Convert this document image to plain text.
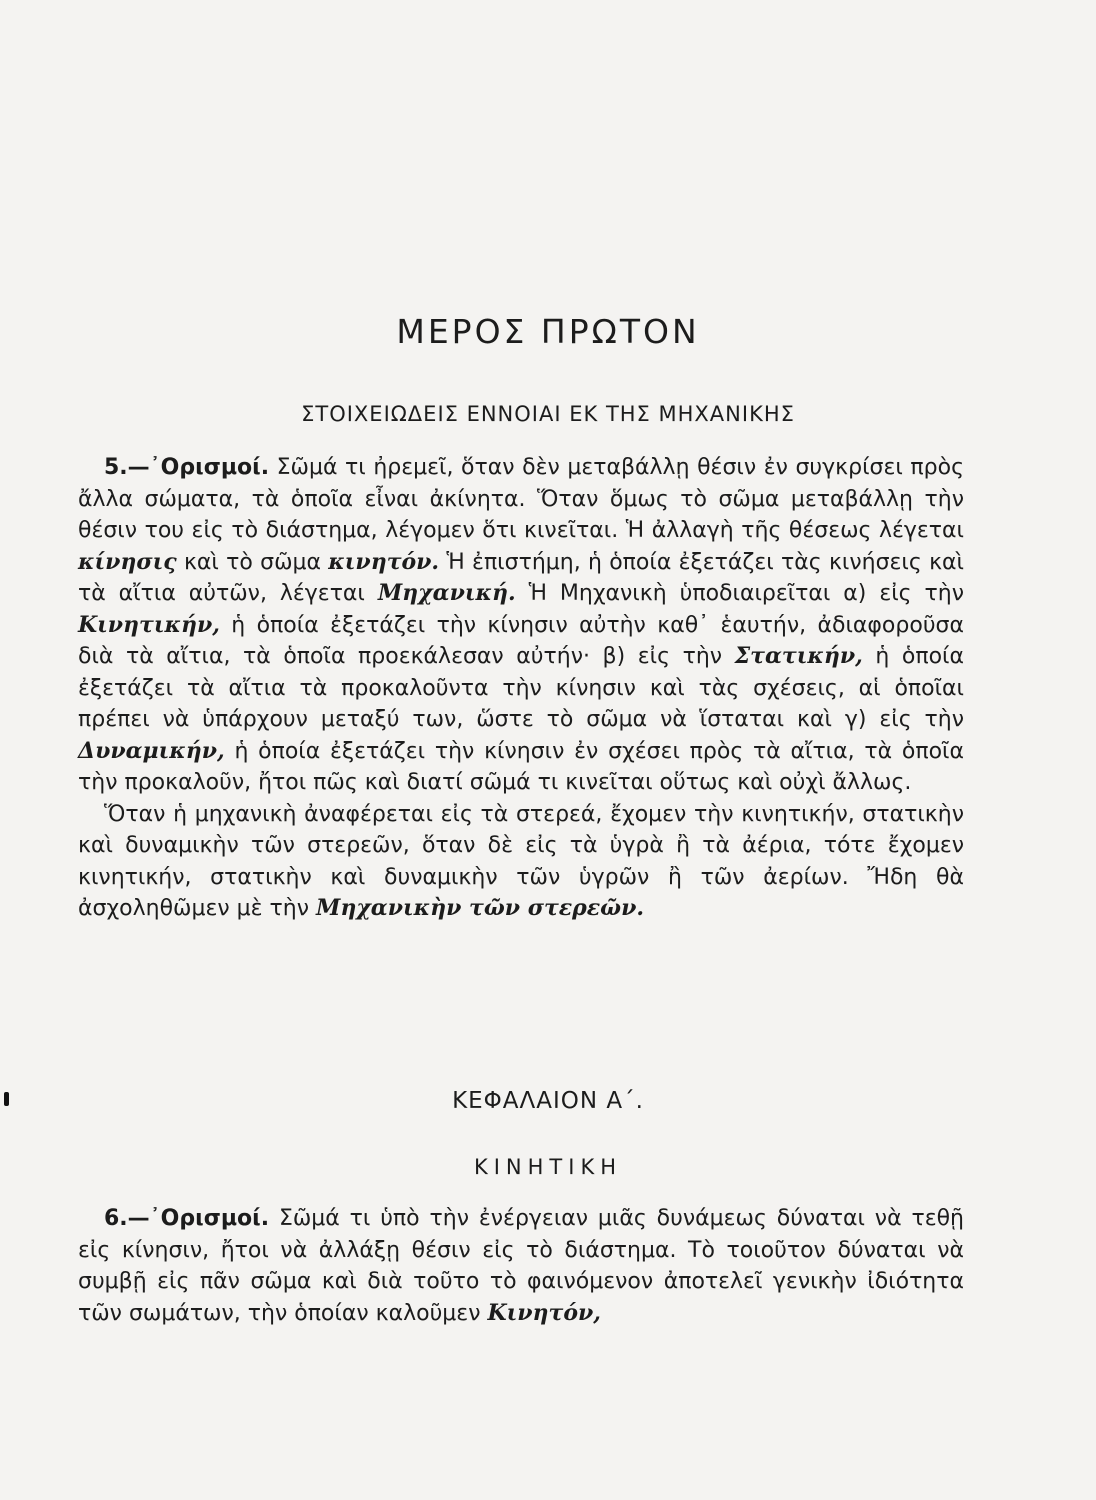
ΜΕΡΟΣ ΠΡΩΤΟΝ
ΣΤΟΙΧΕΙΩΔΕΙΣ ΕΝΝΟΙΑΙ ΕΚ ΤΗΣ ΜΗΧΑΝΙΚΗΣ

5.—᾿Ορισμοί. Σῶμά τι ἠρεμεῖ, ὅταν δὲν μεταβάλλῃ θέσιν ἐν συγκρίσει πρὸς ἄλλα σώματα, τὰ ὁποῖα εἶναι ἀκίνητα. Ὅταν ὅμως τὸ σῶμα μεταβάλλῃ τὴν θέσιν του εἰς τὸ διάστημα, λέγομεν ὅτι κινεῖται. Ἡ ἀλλαγὴ τῆς θέσεως λέγεται κίνησις καὶ τὸ σῶμα κινητόν. Ἡ ἐπιστήμη, ἡ ὁποία ἐξετάζει τὰς κινήσεις καὶ τὰ αἴτια αὐτῶν, λέγεται Μηχανική. Ἡ Μηχανικὴ ὑποδιαιρεῖται α) εἰς τὴν Κινητικήν, ἡ ὁποία ἐξετάζει τὴν κίνησιν αὐτὴν καθ᾿ ἑαυτήν, ἀδιαφοροῦσα διὰ τὰ αἴτια, τὰ ὁποῖα προεκάλεσαν αὐτήν· β) εἰς τὴν Στατικήν, ἡ ὁποία ἐξετάζει τὰ αἴτια τὰ προκαλοῦντα τὴν κίνησιν καὶ τὰς σχέσεις, αἱ ὁποῖαι πρέπει νὰ ὑπάρχουν μεταξύ των, ὥστε τὸ σῶμα νὰ ἵσταται καὶ γ) εἰς τὴν Δυναμικήν, ἡ ὁποία ἐξετάζει τὴν κίνησιν ἐν σχέσει πρὸς τὰ αἴτια, τὰ ὁποῖα τὴν προκαλοῦν, ἤτοι πῶς καὶ διατί σῶμά τι κινεῖται οὕτως καὶ οὐχὶ ἄλλως.

Ὅταν ἡ μηχανικὴ ἀναφέρεται εἰς τὰ στερεά, ἔχομεν τὴν κινητικήν, στατικὴν καὶ δυναμικὴν τῶν στερεῶν, ὅταν δὲ εἰς τὰ ὑγρὰ ἢ τὰ ἀέρια, τότε ἔχομεν κινητικήν, στατικὴν καὶ δυναμικὴν τῶν ὑγρῶν ἢ τῶν ἀερίων. Ἤδη θὰ ἀσχοληθῶμεν μὲ τὴν Μηχανικὴν τῶν στερεῶν.

ΚΕΦΑΛΑΙΟΝ Α΄.
ΚΙΝΗΤΙΚΗ

6.—᾿Ορισμοί. Σῶμά τι ὑπὸ τὴν ἐνέργειαν μιᾶς δυνάμεως δύναται νὰ τεθῇ εἰς κίνησιν, ἤτοι νὰ ἀλλάξῃ θέσιν εἰς τὸ διάστημα. Τὸ τοιοῦτον δύναται νὰ συμβῇ εἰς πᾶν σῶμα καὶ διὰ τοῦτο τὸ φαινόμενον ἀποτελεῖ γενικὴν ἰδιότητα τῶν σωμάτων, τὴν ὁποίαν καλοῦμεν Κινητόν,
